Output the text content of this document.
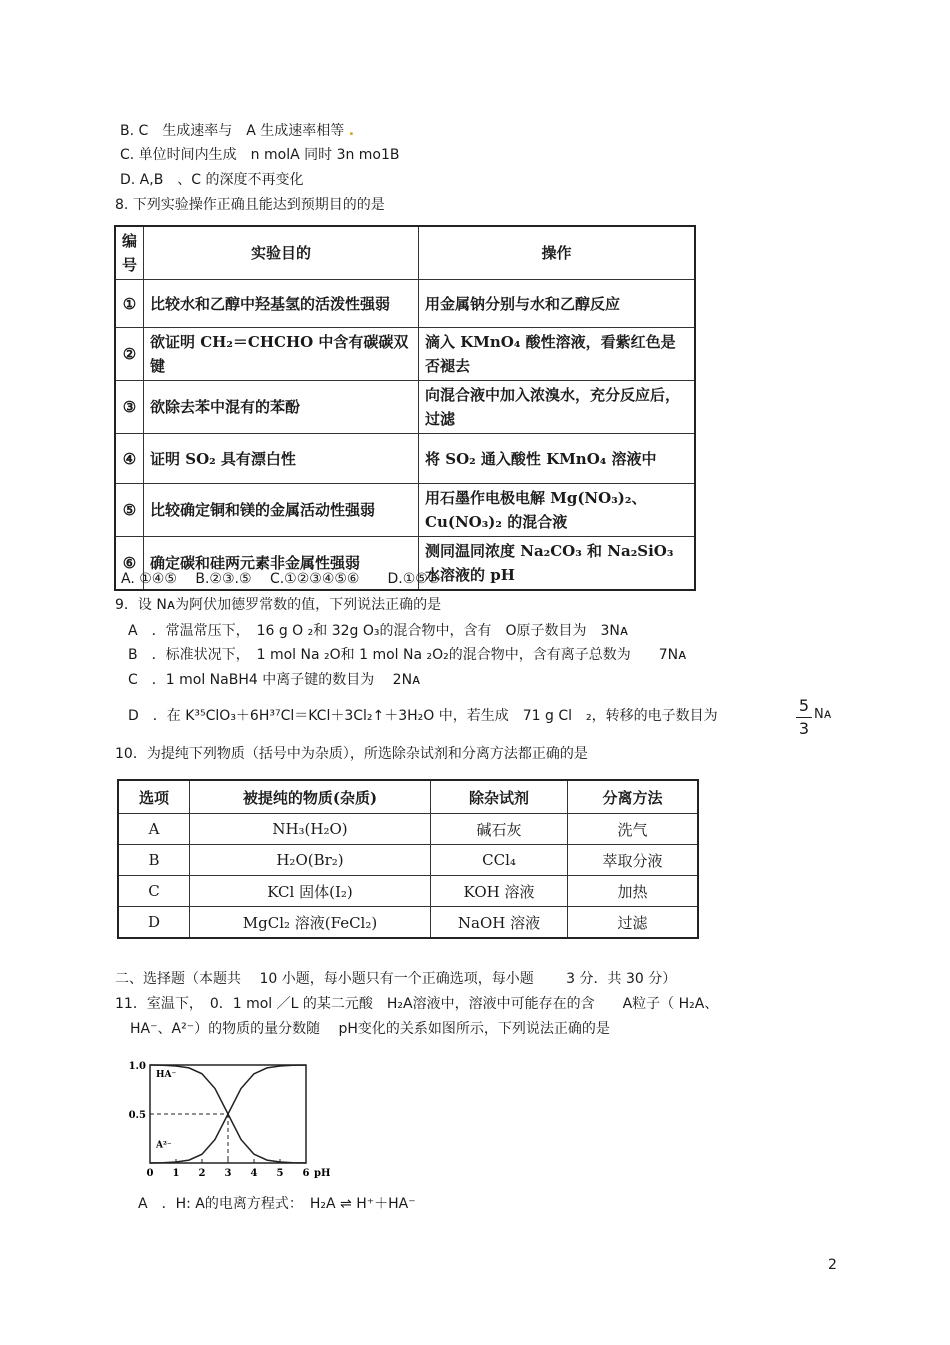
B. C　生成速率与　A 生成速率相等 .
C. 单位时间内生成　n molA 同时 3n mo1B
D. A,B　、C 的深度不再变化
8. 下列实验操作正确且能达到预期目的的是
编号	实验目的	操作
①	比较水和乙醇中羟基氢的活泼性强弱	用金属钠分别与水和乙醇反应
②	欲证明 CH₂＝CHCHO 中含有碳碳双键	滴入 KMnO₄ 酸性溶液，看紫红色是否褪去
③	欲除去苯中混有的苯酚	向混合液中加入浓溴水，充分反应后，过滤
④	证明 SO₂ 具有漂白性	将 SO₂ 通入酸性 KMnO₄ 溶液中
⑤	比较确定铜和镁的金属活动性强弱	用石墨作电极电解 Mg(NO₃)₂、Cu(NO₃)₂ 的混合液
⑥	确定碳和硅两元素非金属性强弱	测同温同浓度 Na₂CO₃ 和 Na₂SiO₃ 水溶液的 pH
A. ①④⑤　 B.②③.⑤　 C.①②③④⑤⑥　　D.①⑤⑥
9．设 Nᴀ为阿伏加德罗常数的值，下列说法正确的是
A　．常温常压下，　16 g O ₂和 32g O₃的混合物中，含有　O原子数目为　3Nᴀ
B　．标准状况下，　1 mol Na ₂O和 1 mol Na ₂O₂的混合物中，含有离子总数为　　7Nᴀ
C　．1 mol NaBH4 中离子键的数目为　 2Nᴀ
D　．在 K³⁵ClO₃＋6H³⁷Cl＝KCl＋3Cl₂↑＋3H₂O 中，若生成　71 g Cl　₂，转移的电子数目为
5
3
Nᴀ
10．为提纯下列物质（括号中为杂质），所选除杂试剂和分离方法都正确的是
选项	被提纯的物质(杂质)	除杂试剂	分离方法
A	NH₃(H₂O)	碱石灰	洗气
B	H₂O(Br₂)	CCl₄	萃取分液
C	KCl 固体(I₂)	KOH 溶液	加热
D	MgCl₂ 溶液(FeCl₂)	NaOH 溶液	过滤
二、选择题（本题共　 10 小题，每小题只有一个正确选项，每小题　　 3 分．共 30 分）
11．室温下，　0．1 mol ／L 的某二元酸　H₂A溶液中，溶液中可能存在的含　　A粒子（ H₂A、
HA⁻、A²⁻）的物质的量分数随　 pH变化的关系如图所示，下列说法正确的是
0 1 2 3 4 5 6 pH
0.5
1.0
HA⁻
A²⁻
A　．H: A的电离方程式：　H₂A ⇌ H⁺＋HA⁻
2
